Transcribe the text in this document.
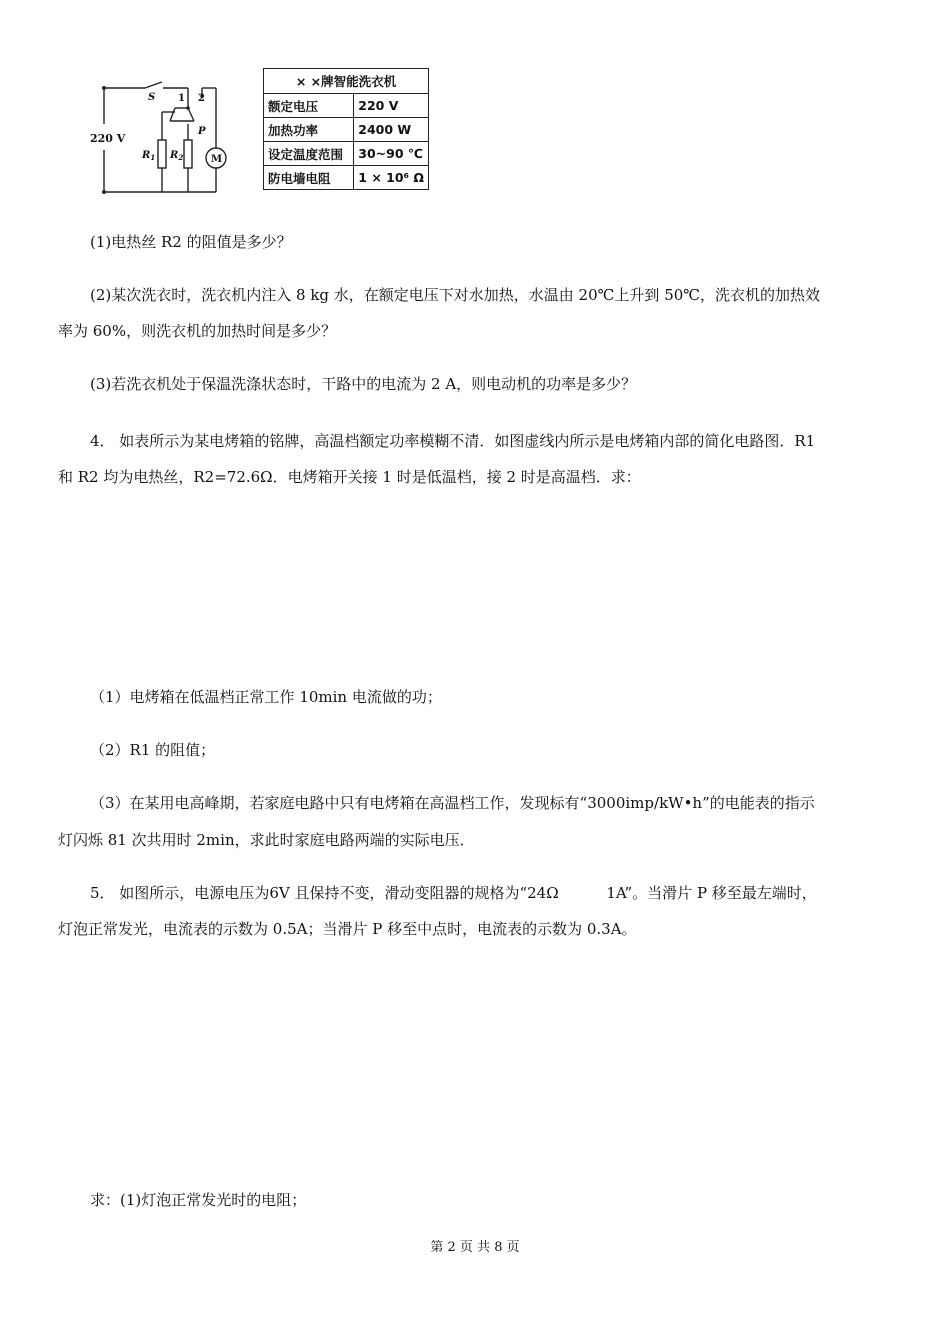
220 V
S 1 2
P
$R_1$ $R_2$	M
× ×牌智能洗衣机	
额定电压	220 V
加热功率	2400 W
设定温度范围	30~90 ℃
防电墙电阻	1 × 10⁶ Ω
(1)电热丝 R2 的阻值是多少？
(2)某次洗衣时，洗衣机内注入 8 kg 水，在额定电压下对水加热，水温由 20℃上升到 50℃，洗衣机的加热效
率为 60%，则洗衣机的加热时间是多少？
(3)若洗衣机处于保温洗涤状态时，干路中的电流为 2 A，则电动机的功率是多少？
4． 如表所示为某电烤箱的铭牌，高温档额定功率模糊不清．如图虚线内所示是电烤箱内部的简化电路图．R1
和 R2 均为电热丝，R2=72.6Ω．电烤箱开关接 1 时是低温档，接 2 时是高温档．求：
（1）电烤箱在低温档正常工作 10min 电流做的功；
（2）R1 的阻值；
（3）在某用电高峰期，若家庭电路中只有电烤箱在高温档工作，发现标有“3000imp/kW•h”的电能表的指示
灯闪烁 81 次共用时 2min，求此时家庭电路两端的实际电压．
5． 如图所示，电源电压为6V 且保持不变，滑动变阻器的规格为“24Ω          1A”。当滑片 P 移至最左端时，
灯泡正常发光，电流表的示数为 0.5A；当滑片 P 移至中点时，电流表的示数为 0.3A。
求：(1)灯泡正常发光时的电阻；
第 2 页 共 8 页
